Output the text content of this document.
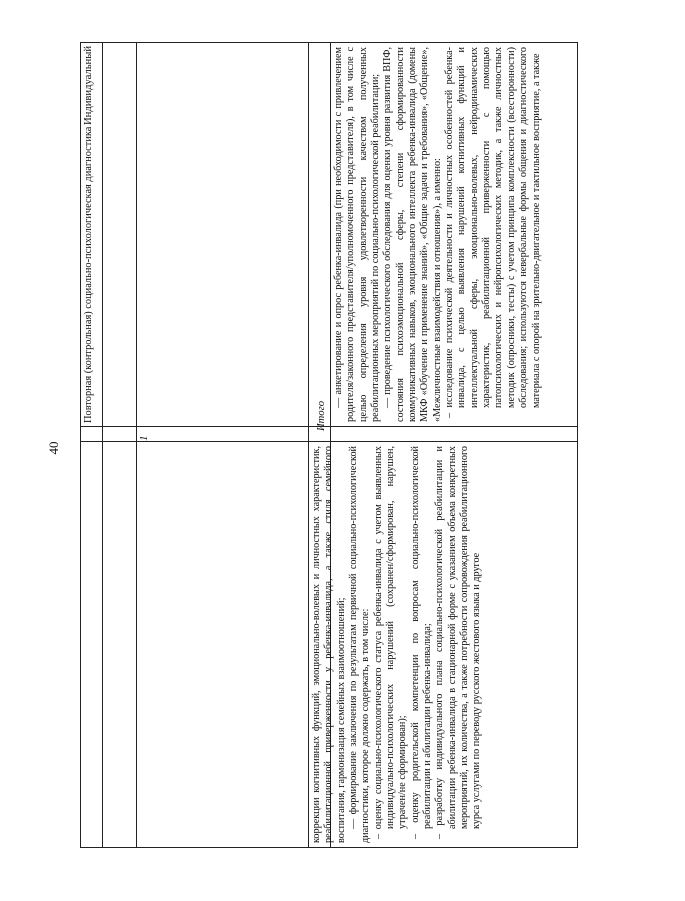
40	коррекции когнитивных функций, эмоционально-волевых и личностных характеристик, реабилитационной приверженности у ребенка-инвалида, а также стиля семейного воспитания, гармонизация семейных взаимоотношений; — формирование заключения по результатам первичной социально-психологической диагностики, которое должно содержать, в том числе: – оценку социально-психологического статуса ребенка-инвалида с учетом выявленных индивидуально-психологических нарушений (сохранен/сформирован, нарушен, утрачен/не сформирован); – оценку родительской компетенции по вопросам социально-психологической реабилитации и абилитации ребенка-инвалида; – разработку индивидуального плана социально-психологической реабилитации и абилитации ребенка-инвалида в стационарной форме с указанием объема конкретных мероприятий, их количества, а также потребности сопровождения реабилитационного курса услугами по переводу русского жестового языка и другое

Итого
1
Индивидуальный	— анкетирование и опрос ребенка-инвалида (при необходимости с привлечением родителя/законного представителя/уполномоченного представителя), в том числе с целью определения уровня удовлетворенности качеством полученных реабилитационных мероприятий по социально-психологической реабилитации; — проведение психологического обследования для оценки уровня развития ВПФ, состояния психоэмоциональной сферы, степени сформированности коммуникативных навыков, эмоционального интеллекта ребенка-инвалида (домены МКФ «Обучение и применение знаний», «Общие задачи и требования», «Общение», «Межличностные взаимодействия и отношения»), а именно: – исследование психической деятельности и личностных особенностей ребенка-инвалида, с целью выявления нарушений когнитивных функций и интеллектуальной сферы, эмоционально-волевых, нейродинамических характеристик, реабилитационной приверженности с помощью патопсихологических и нейропсихологических методик, а также личностных методик (опросники, тесты) с учетом принципа комплексности (всесторонности) обследования; используются невербальные формы общения и диагностического материала с опорой на зрительно-двигательное и тактильное восприятие, а также

Повторная (контрольная) социально-психологическая диагностика
